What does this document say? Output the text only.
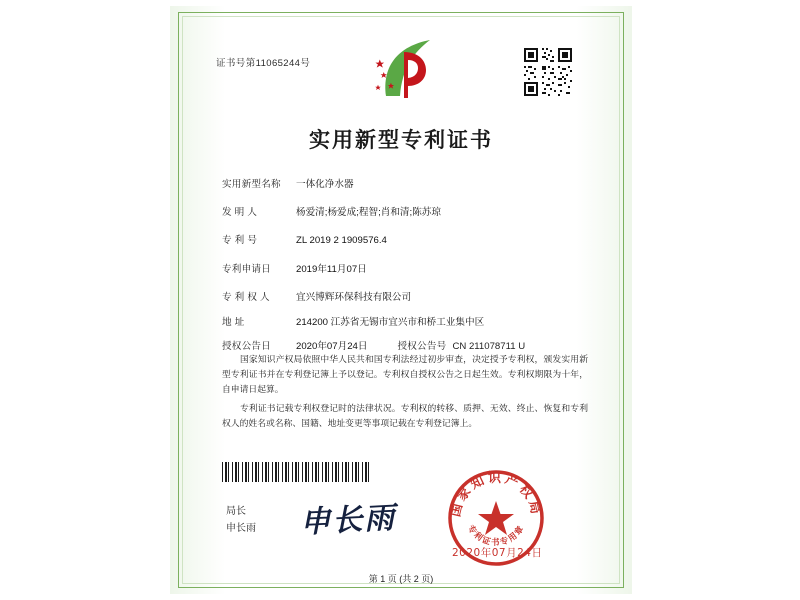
证书号第11065244号
实用新型专利证书
实用新型名称 一体化净水器
发 明 人	杨爱清;杨爱成;程智;肖和清;陈苏琼
专 利 号	ZL 2019 2 1909576.4
专利申请日	2019年11月07日
专 利 权 人	宜兴博辉环保科技有限公司
地 址	214200 江苏省无锡市宜兴市和桥工业集中区
授权公告日	2020年07月24日	授权公告号 CN 211078711 U

国家知识产权局依照中华人民共和国专利法经过初步审查，决定授予专利权，颁发实用新型专利证书并在专利登记簿上予以登记。专利权自授权公告之日起生效。专利权期限为十年，自申请日起算。

专利证书记载专利权登记时的法律状况。专利权的转移、质押、无效、终止、恢复和专利权人的姓名或名称、国籍、地址变更等事项记载在专利登记簿上。

局长
申长雨 申长雨	国家知识产权局
专利证书专用章
2020年07月24日
第 1 页 (共 2 页)
